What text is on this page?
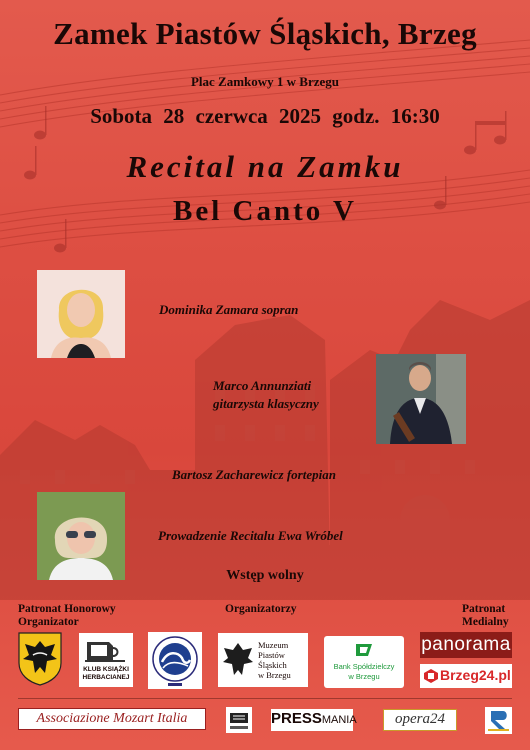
Zamek Piastów Śląskich, Brzeg
Plac Zamkowy 1 w Brzegu
Sobota 28 czerwca 2025 godz. 16:30
Recital na Zamku
Bel Canto V
Dominika Zamara sopran
Marco Annunziati
gitarzysta klasyczny
Bartosz Zacharewicz fortepian
Prowadzenie Recitalu Ewa Wróbel
Wstęp wolny
Patronat Honorowy
Organizator
Organizatorzy	Patronat
Medialny
KLUB KSIĄŻKI
HERBACIANEJ
Muzeum
Piastów
Śląskich
w Brzegu
Bank Spółdzielczy
w Brzegu
panorama
Brzeg24.pl
Associazione Mozart Italia	PRESSMANIA	opera24
